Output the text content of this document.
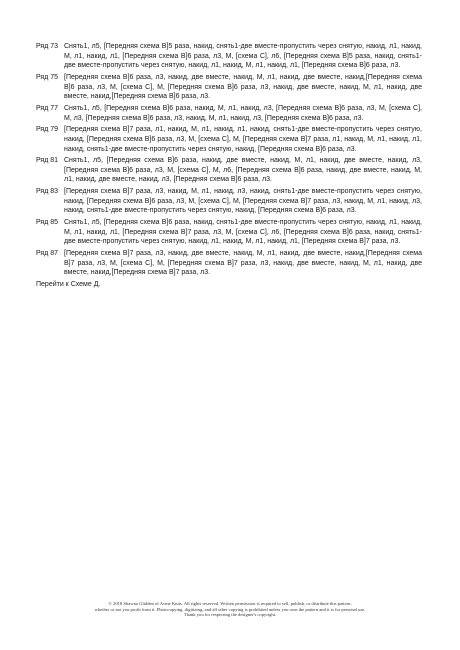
Ряд 73 Снять1, л5, [Передняя схема B]5 раза, накид, снять1-две вместе-пропустить через снятую, накид, л1, накид, М, л1, накид, л1, [Передняя схема B]6 раза, л3, М, [схема C], л6, [Передняя схема B]5 раза, накид, снять1-две вместе-пропустить через снятую, накид, л1, накид, М, л1, накид, л1, [Передняя схема B]6 раза, л3.
Ряд 75 [Передняя схема B]6 раза, л3, накид, две вместе, накид, М, л1, накид, две вместе, накид,[Передняя схема B]6 раза, л3, М, [схема C], М, [Передняя схема B]6 раза, л3, накид, две вместе, накид, М, л1, накид, две вместе, накид,[Передняя схема B]6 раза, л3.
Ряд 77 Снять1, л5, [Передняя схема B]6 раза, накид, М, л1, накид, л3, [Передняя схема B]6 раза, л3, М, [схема C], М, л3, [Передняя схема B]6 раза, л3, накид, М, л1, накид, л3, [Передняя схема B]6 раза, л3.
Ряд 79 [Передняя схема B]7 раза, л1, накид, М, л1, накид, л1, накид, снять1-две вместе-пропустить через снятую, накид, [Передняя схема B]6 раза, л3, М, [схема C], М, [Передняя схема B]7 раза, л1, накид, М, л1, накид, л1, накид, снять1-две вместе-пропустить через снятую, накид, [Передняя схема B]6 раза, л3.
Ряд 81 Снять1, л5, [Передняя схема B]6 раза, накид, две вместе, накид, М, л1, накид, две вместе, накид, л3, [Передняя схема B]6 раза, л3, М, [схема C], М, л6, [Передняя схема B]6 раза, накид, две вместе, накид, М, л1, накид, две вместе, накид, л3, [Передняя схема B]6 раза, л3.
Ряд 83 [Передняя схема B]7 раза, л3, накид, М, л1, накид, л3, накид, снять1-две вместе-пропустить через снятую, накид, [Передняя схема B]6 раза, л3, М, [схема C], М, [Передняя схема B]7 раза, л3, накид, М, л1, накид, л3, накид, снять1-две вместе-пропустить через снятую, накид, [Передняя схема B]6 раза, л3.
Ряд 85 Снять1, л5, [Передняя схема B]6 раза, накид, снять1-две вместе-пропустить через снятую, накид, л1, накид, М, л1, накид, л1, [Передняя схема B]7 раза, л3, М, [схема C], л6, [Передняя схема B]6 раза, накид, снять1-две вместе-пропустить через снятую, накид, л1, накид, М, л1, накид, л1, [Передняя схема B]7 раза, л3.
Ряд 87 [Передняя схема B]7 раза, л3, накид, две вместе, накид, М, л1, накид, две вместе, накид,[Передняя схема B]7 раза, л3, М, [схема C], М, [Передняя схема B]7 раза, л3, накид, две вместе, накид, М, л1, накид, две вместе, накид,[Передняя схема B]7 раза, л3.
Перейти к Схеме Д.
© 2018 Shawna Glidden of Acme Knits. All rights reserved. Written permission is required to sell, publish, or distribute this pattern,
whether or not you profit from it. Photocopying, digitizing, and all other copying is prohibited unless you own the pattern and it is for personal use.
Thank you for respecting the designer's copyright.
